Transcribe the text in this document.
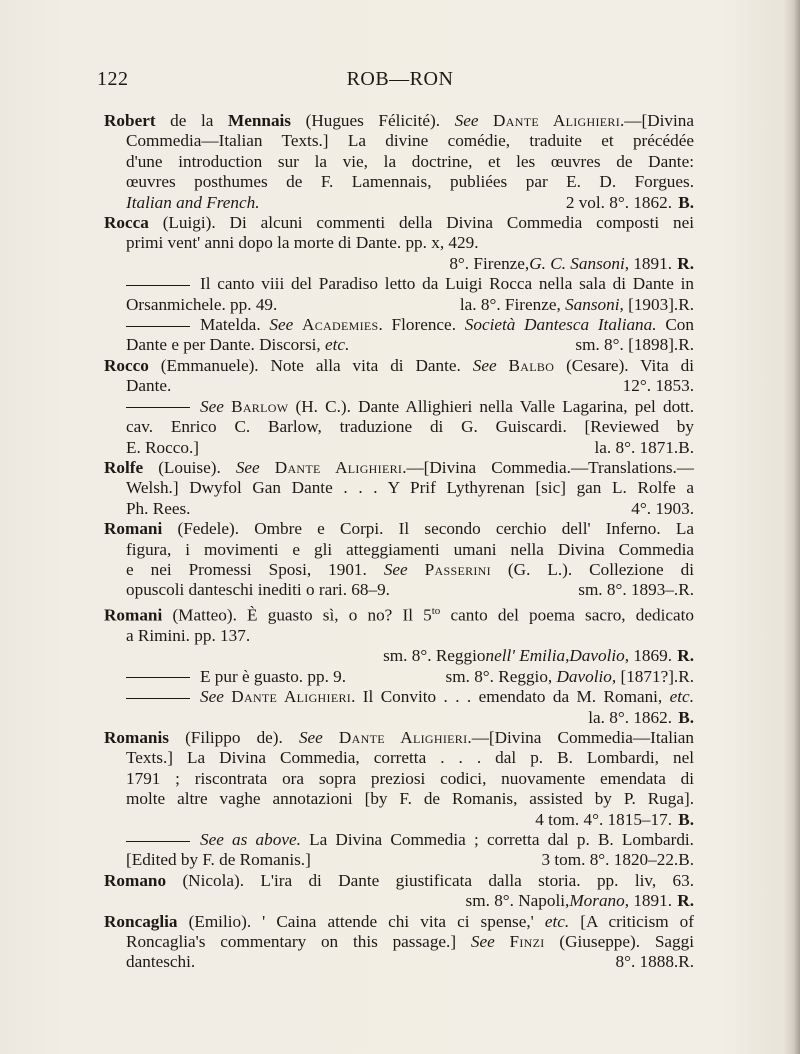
122	ROB—RON
Robert de la Mennais (Hugues Félicité). See Dante Alighieri.—[Divina
Commedia—Italian Texts.] La divine comédie, traduite et précédée
d'une introduction sur la vie, la doctrine, et les œuvres de Dante:
œuvres posthumes de F. Lamennais, publiées par E. D. Forgues.
Italian and French.	2 vol. 8°. 1862. B.
Rocca (Luigi). Di alcuni commenti della Divina Commedia composti nei
primi vent' anni dopo la morte di Dante. pp. x, 429.
8°. Firenze, G. C. Sansoni , 1891. R.
Il canto viii del Paradiso letto da Luigi Rocca nella sala di Dante in
Orsanmichele. pp. 49.	la. 8°. Firenze, Sansoni, [1903].R.
Matelda. See Academies. Florence. Società Dantesca Italiana. Con
Dante e per Dante. Discorsi, etc.	sm. 8°. [1898].R.
Rocco (Emmanuele). Note alla vita di Dante. See Balbo (Cesare). Vita di
Dante.	12°. 1853.
See Barlow (H. C.). Dante Allighieri nella Valle Lagarina, pel dott.
cav. Enrico C. Barlow, traduzione di G. Guiscardi. [Reviewed by
E. Rocco.]	la. 8°. 1871.B.
Rolfe (Louise). See Dante Alighieri.—[Divina Commedia.—Translations.—
Welsh.] Dwyfol Gan Dante . . . Y Prif Lythyrenan [sic] gan L. Rolfe a
Ph. Rees.	4°. 1903.
Romani (Fedele). Ombre e Corpi. Il secondo cerchio dell' Inferno. La
figura, i movimenti e gli atteggiamenti umani nella Divina Commedia
e nei Promessi Sposi, 1901. See Passerini (G. L.). Collezione di
opuscoli danteschi inediti o rari. 68–9.	sm. 8°. 1893–.R.
Romani (Matteo). È guasto sì, o no? Il $5^{to}$ canto del poema sacro, dedicato
a Rimini. pp. 137.
sm. 8°. Reggio nell' Emilia , Davolio , 1869. R.
E pur è guasto. pp. 9.	sm. 8°. Reggio, Davolio, [1871?].R.
See Dante Alighieri. Il Convito . . . emendato da M. Romani, etc.
la. 8°. 1862. B.
Romanis (Filippo de). See Dante Alighieri.—[Divina Commedia—Italian
Texts.] La Divina Commedia, corretta . . . dal p. B. Lombardi, nel
1791 ; riscontrata ora sopra preziosi codici, nuovamente emendata di
molte altre vaghe annotazioni [by F. de Romanis, assisted by P. Ruga].
4 tom. 4°. 1815–17. B.
See as above. La Divina Commedia ; corretta dal p. B. Lombardi.
[Edited by F. de Romanis.]	3 tom. 8°. 1820–22.B.
Romano (Nicola). L'ira di Dante giustificata dalla storia. pp. liv, 63.
sm. 8°. Napoli, Morano , 1891. R.
Roncaglia (Emilio). ' Caina attende chi vita ci spense,' etc. [A criticism of
Roncaglia's commentary on this passage.] See Finzi (Giuseppe). Saggi
danteschi.	8°. 1888.R.
